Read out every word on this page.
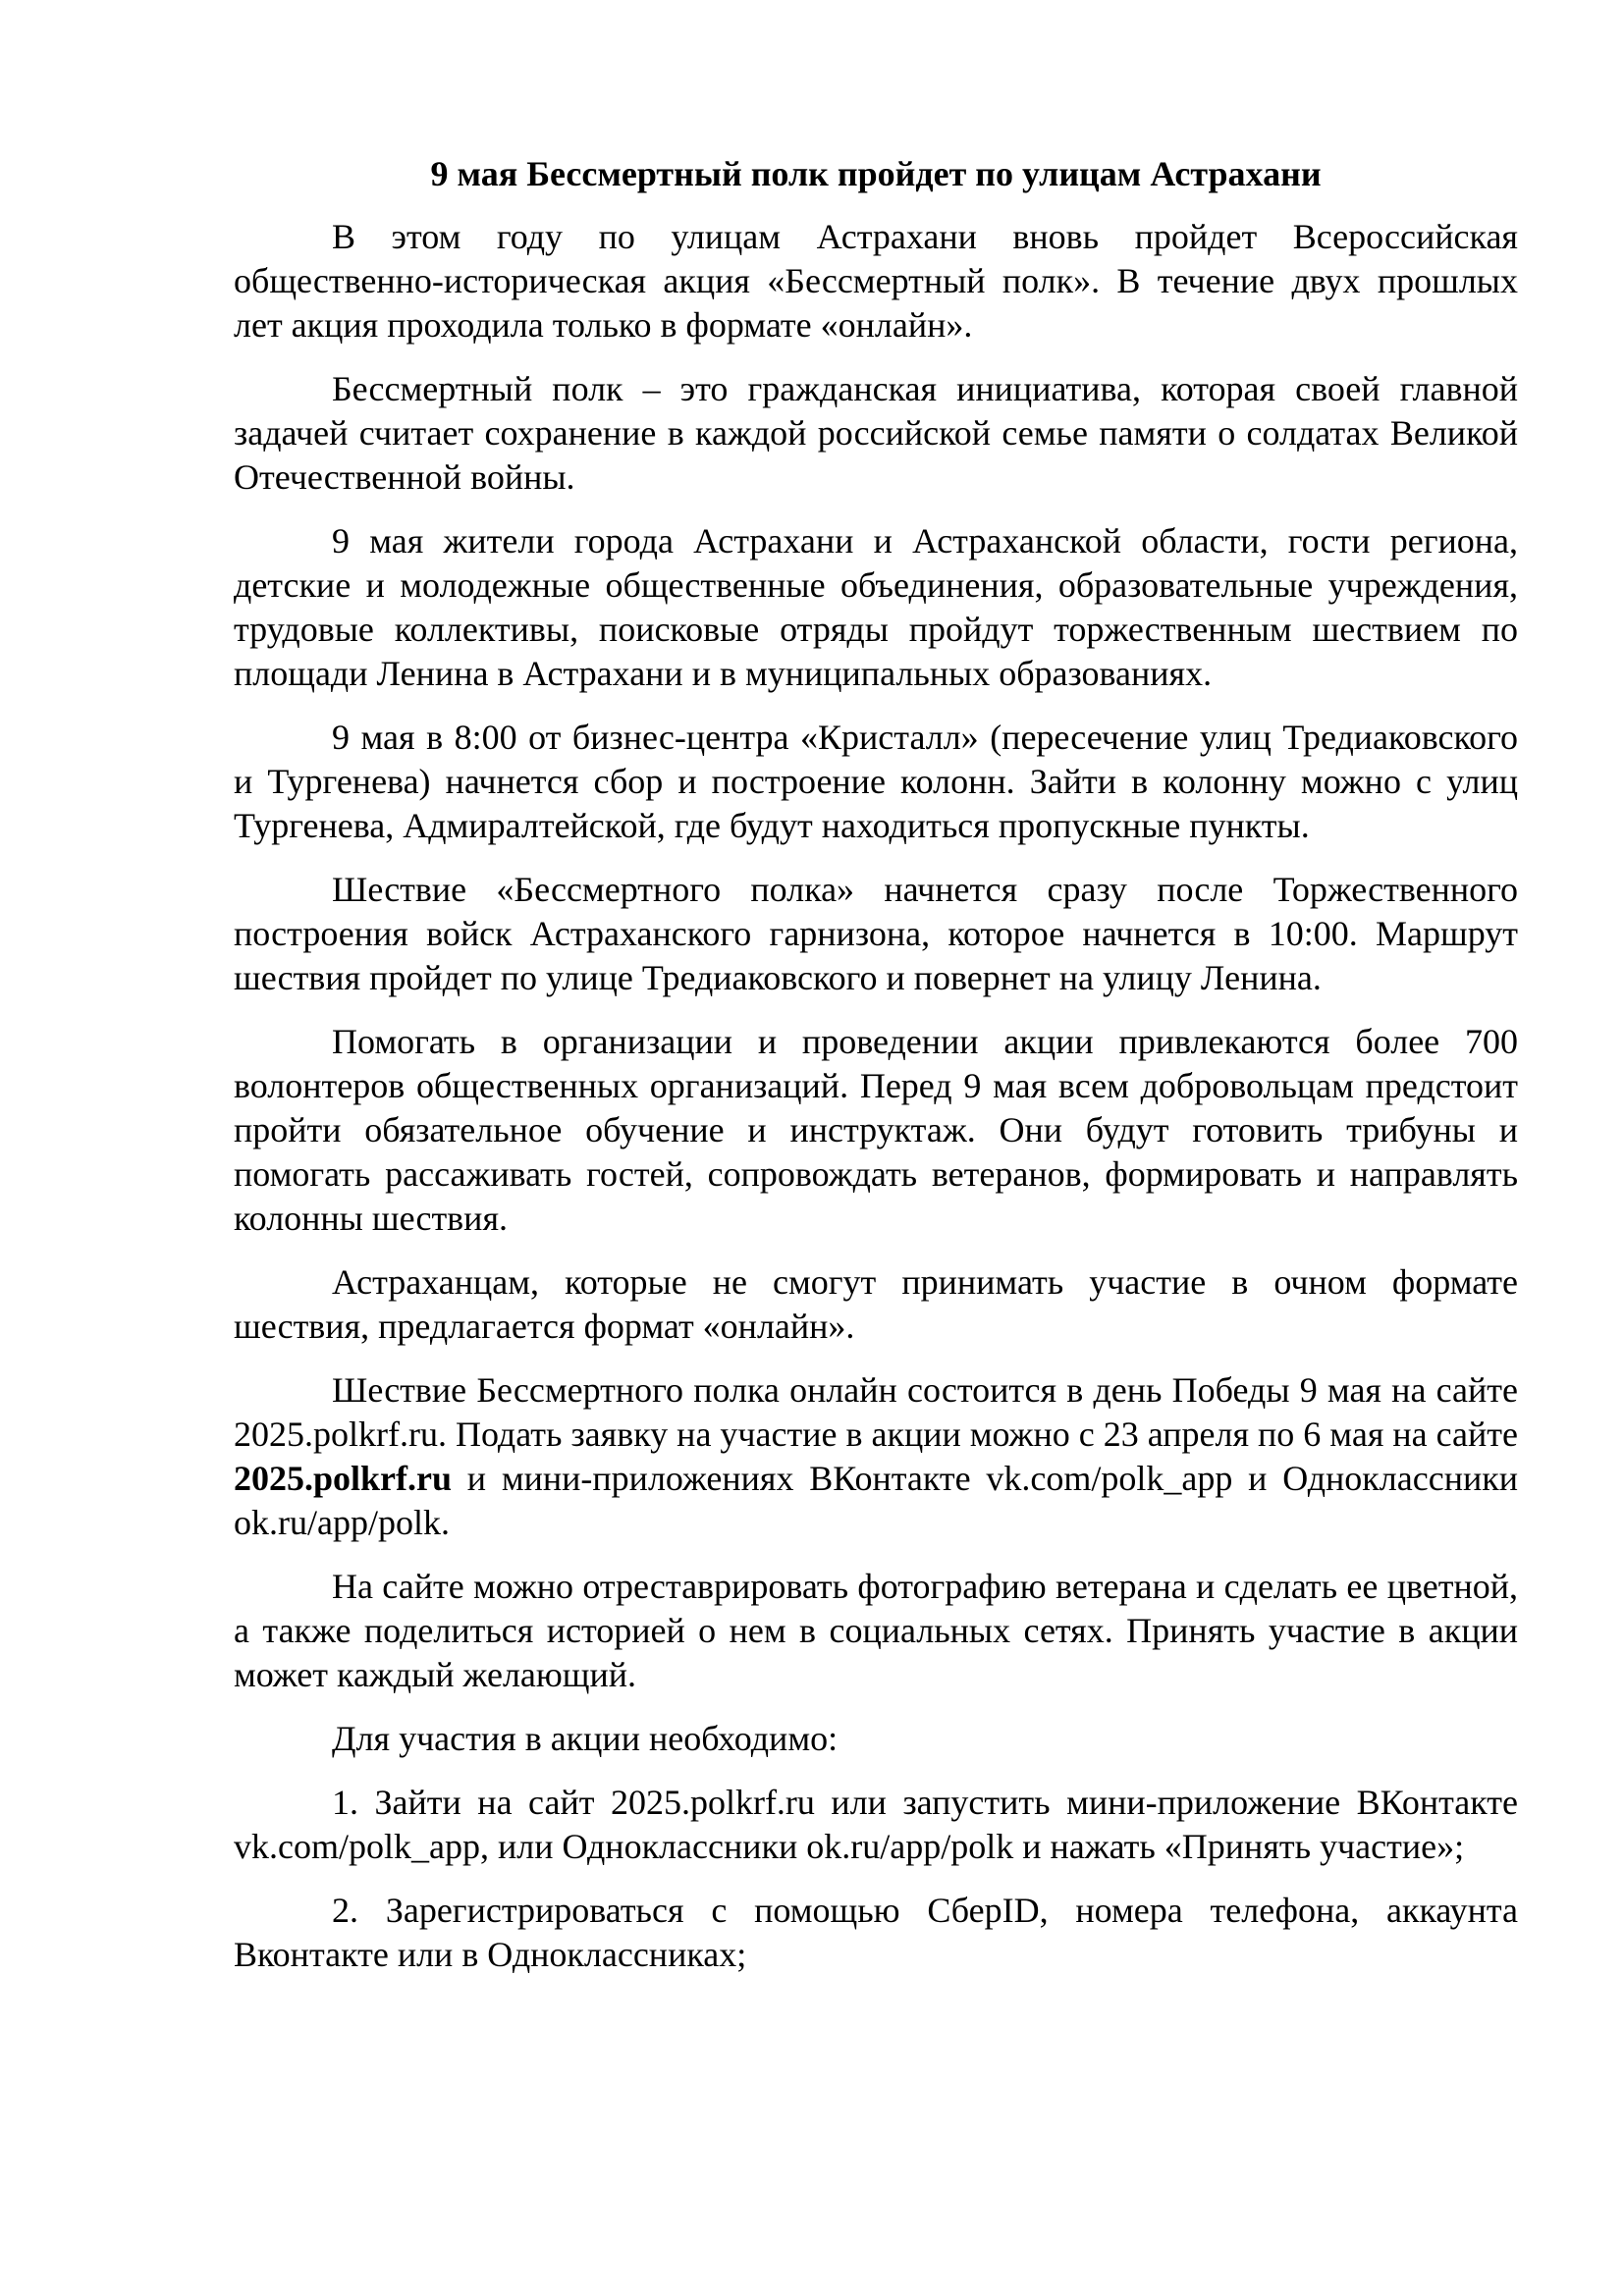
9 мая Бессмертный полк пройдет по улицам Астрахани

В этом году по улицам Астрахани вновь пройдет Всероссийская общественно-историческая акция «Бессмертный полк». В течение двух прошлых лет акция проходила только в формате «онлайн».

Бессмертный полк – это гражданская инициатива, которая своей главной задачей считает сохранение в каждой российской семье памяти о солдатах Великой Отечественной войны.

9 мая жители города Астрахани и Астраханской области, гости региона, детские и молодежные общественные объединения, образовательные учреждения, трудовые коллективы, поисковые отряды пройдут торжественным шествием по площади Ленина в Астрахани и в муниципальных образованиях.

9 мая в 8:00 от бизнес-центра «Кристалл» (пересечение улиц Тредиаковского и Тургенева) начнется сбор и построение колонн. Зайти в колонну можно с улиц Тургенева, Адмиралтейской, где будут находиться пропускные пункты.

Шествие «Бессмертного полка» начнется сразу после Торжественного построения войск Астраханского гарнизона, которое начнется в 10:00. Маршрут шествия пройдет по улице Тредиаковского и повернет на улицу Ленина.

Помогать в организации и проведении акции привлекаются более 700 волонтеров общественных организаций. Перед 9 мая всем добровольцам предстоит пройти обязательное обучение и инструктаж. Они будут готовить трибуны и помогать рассаживать гостей, сопровождать ветеранов, формировать и направлять колонны шествия.

Астраханцам, которые не смогут принимать участие в очном формате шествия, предлагается формат «онлайн».

Шествие Бессмертного полка онлайн состоится в день Победы 9 мая на сайте 2025.polkrf.ru. Подать заявку на участие в акции можно с 23 апреля по 6 мая на сайте 2025.polkrf.ru и мини-приложениях ВКонтакте vk.com/polk_app и Одноклассники ok.ru/app/polk.

На сайте можно отреставрировать фотографию ветерана и сделать ее цветной, а также поделиться историей о нем в социальных сетях. Принять участие в акции может каждый желающий.

Для участия в акции необходимо:

1. Зайти на сайт 2025.polkrf.ru или запустить мини-приложение ВКонтакте vk.com/polk_app, или Одноклассники ok.ru/app/polk и нажать «Принять участие»;

2. Зарегистрироваться с помощью СберID, номера телефона, аккаунта Вконтакте или в Одноклассниках;
